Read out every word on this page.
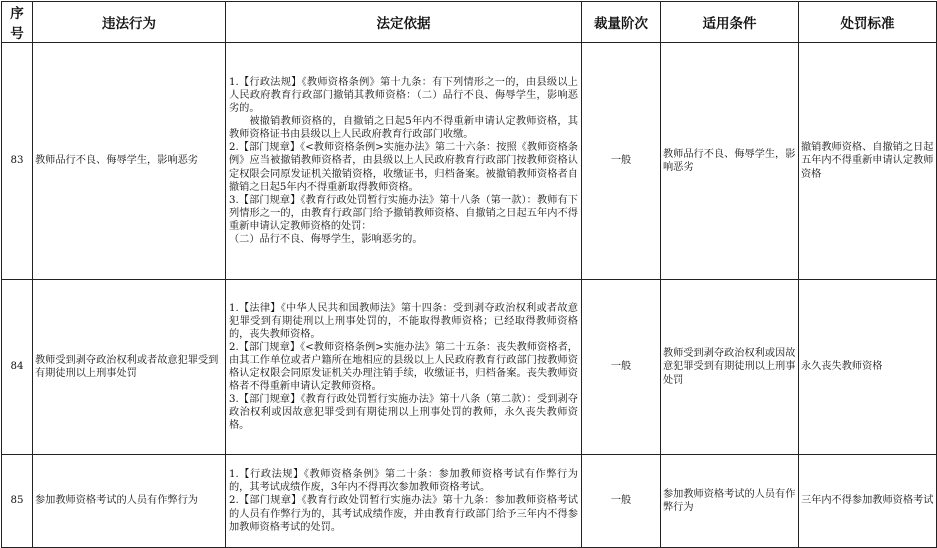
序号	违法行为	法定依据	裁量阶次	适用条件	处罚标准
83	教师品行不良、侮辱学生，影响恶劣	1.【行政法规】《教师资格条例》第十九条：有下列情形之一的，由县级以上人民政府教育行政部门撤销其教师资格：（二）品行不良、侮辱学生，影响恶劣的。

被撤销教师资格的，自撤销之日起5年内不得重新申请认定教师资格，其教师资格证书由县级以上人民政府教育行政部门收缴。

2.【部门规章】《<教师资格条例>实施办法》第二十六条：按照《教师资格条例》应当被撤销教师资格者，由县级以上人民政府教育行政部门按教师资格认定权限会同原发证机关撤销资格，收缴证书，归档备案。被撤销教师资格者自撤销之日起5年内不得重新取得教师资格。

3.【部门规章】《教育行政处罚暂行实施办法》第十八条（第一款）：教师有下列情形之一的，由教育行政部门给予撤销教师资格、自撤销之日起五年内不得重新申请认定教师资格的处罚：

（二）品行不良、侮辱学生，影响恶劣的。	一般	教师品行不良、侮辱学生，影响恶劣	撤销教师资格、自撤销之日起五年内不得重新申请认定教师资格
84	教师受到剥夺政治权利或者故意犯罪受到有期徒刑以上刑事处罚	1.【法律】《中华人民共和国教师法》第十四条：受到剥夺政治权利或者故意犯罪受到有期徒刑以上刑事处罚的，不能取得教师资格；已经取得教师资格的，丧失教师资格。

2.【部门规章】《<教师资格条例>实施办法》第二十五条：丧失教师资格者，由其工作单位或者户籍所在地相应的县级以上人民政府教育行政部门按教师资格认定权限会同原发证机关办理注销手续，收缴证书，归档备案。丧失教师资格者不得重新申请认定教师资格。

3.【部门规章】《教育行政处罚暂行实施办法》第十八条（第二款）：受到剥夺政治权利或因故意犯罪受到有期徒刑以上刑事处罚的教师，永久丧失教师资格。	一般	教师受到剥夺政治权利或因故意犯罪受到有期徒刑以上刑事处罚	永久丧失教师资格
85	参加教师资格考试的人员有作弊行为	1.【行政法规】《教师资格条例》第二十条：参加教师资格考试有作弊行为的，其考试成绩作废，3年内不得再次参加教师资格考试。

2.【部门规章】《教育行政处罚暂行实施办法》第十九条：参加教师资格考试的人员有作弊行为的，其考试成绩作废，并由教育行政部门给予三年内不得参加教师资格考试的处罚。	一般	参加教师资格考试的人员有作弊行为	三年内不得参加教师资格考试
